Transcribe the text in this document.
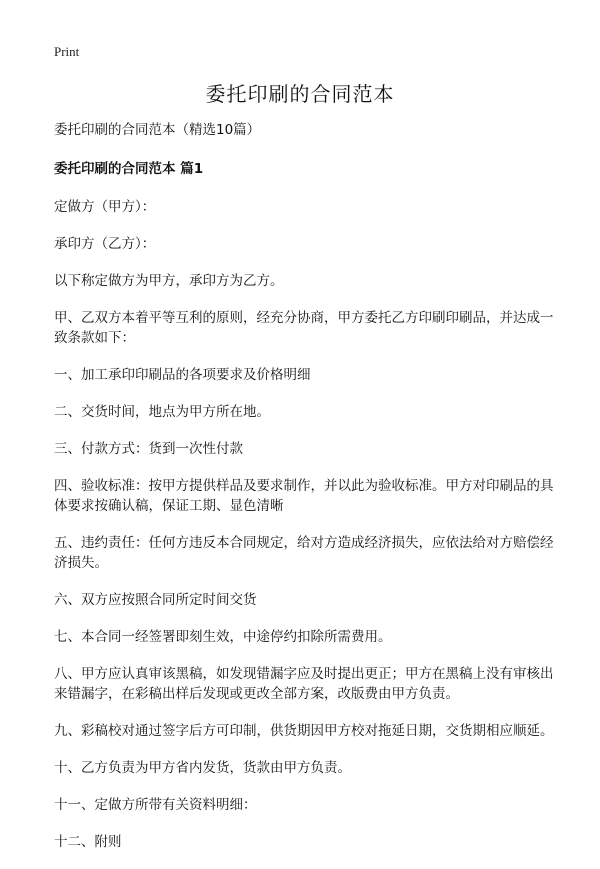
Print
委托印刷的合同范本

委托印刷的合同范本（精选10篇）

委托印刷的合同范本 篇1

定做方（甲方）：

承印方（乙方）：

以下称定做方为甲方，承印方为乙方。

甲、乙双方本着平等互利的原则，经充分协商，甲方委托乙方印刷印刷品，并达成一致条款如下：

一、加工承印印刷品的各项要求及价格明细

二、交货时间，地点为甲方所在地。

三、付款方式：货到一次性付款

四、验收标准：按甲方提供样品及要求制作，并以此为验收标准。甲方对印刷品的具体要求按确认稿，保证工期、显色清晰

五、违约责任：任何方违反本合同规定，给对方造成经济损失，应依法给对方赔偿经济损失。

六、双方应按照合同所定时间交货

七、本合同一经签署即刻生效，中途停约扣除所需费用。

八、甲方应认真审该黑稿，如发现错漏字应及时提出更正；甲方在黑稿上没有审核出来错漏字，在彩稿出样后发现或更改全部方案，改版费由甲方负责。

九、彩稿校对通过签字后方可印制，供货期因甲方校对拖延日期，交货期相应顺延。

十、乙方负责为甲方省内发货，货款由甲方负责。

十一、定做方所带有关资料明细：

十二、附则
